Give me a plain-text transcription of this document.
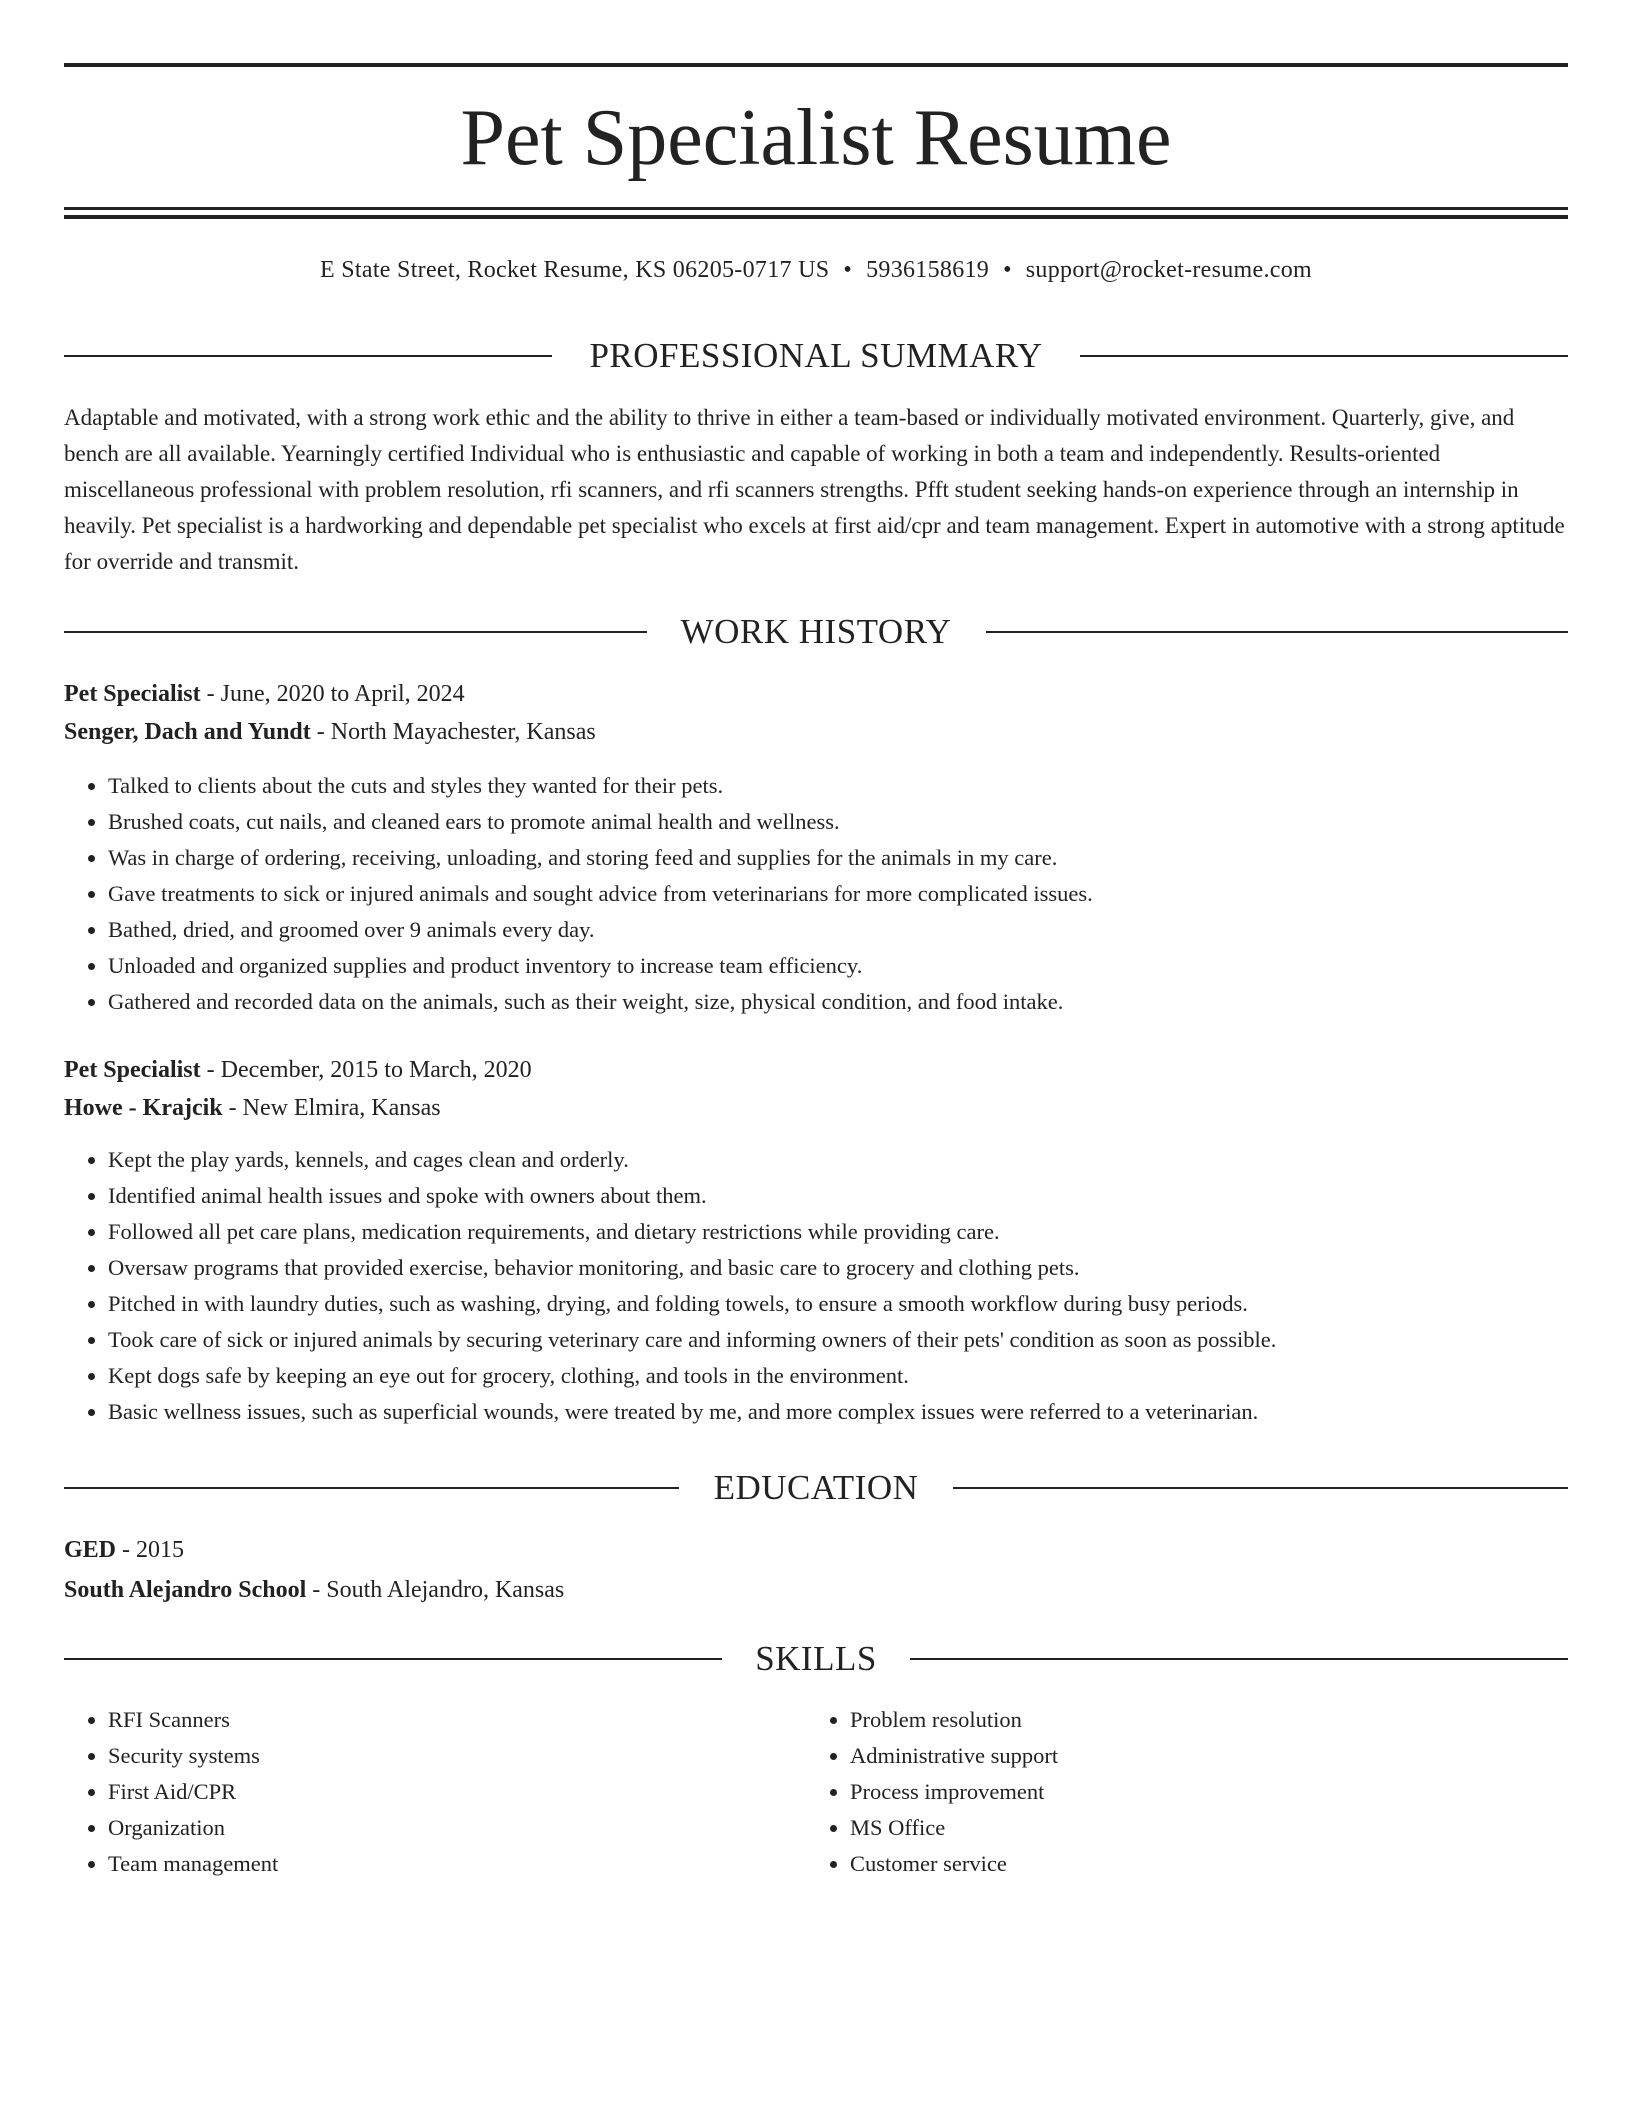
Pet Specialist Resume
E State Street, Rocket Resume, KS 06205-0717 US • 5936158619 • support@rocket-resume.com
PROFESSIONAL SUMMARY

Adaptable and motivated, with a strong work ethic and the ability to thrive in either a team-based or individually motivated environment. Quarterly, give, and bench are all available. Yearningly certified Individual who is enthusiastic and capable of working in both a team and independently. Results-oriented miscellaneous professional with problem resolution, rfi scanners, and rfi scanners strengths. Pfft student seeking hands-on experience through an internship in heavily. Pet specialist is a hardworking and dependable pet specialist who excels at first aid/cpr and team management. Expert in automotive with a strong aptitude for override and transmit.

WORK HISTORY
Pet Specialist - June, 2020 to April, 2024
Senger, Dach and Yundt - North Mayachester, Kansas
• Talked to clients about the cuts and styles they wanted for their pets.
• Brushed coats, cut nails, and cleaned ears to promote animal health and wellness.
• Was in charge of ordering, receiving, unloading, and storing feed and supplies for the animals in my care.
• Gave treatments to sick or injured animals and sought advice from veterinarians for more complicated issues.
• Bathed, dried, and groomed over 9 animals every day.
• Unloaded and organized supplies and product inventory to increase team efficiency.
• Gathered and recorded data on the animals, such as their weight, size, physical condition, and food intake.
Pet Specialist - December, 2015 to March, 2020
Howe - Krajcik - New Elmira, Kansas
• Kept the play yards, kennels, and cages clean and orderly.
• Identified animal health issues and spoke with owners about them.
• Followed all pet care plans, medication requirements, and dietary restrictions while providing care.
• Oversaw programs that provided exercise, behavior monitoring, and basic care to grocery and clothing pets.
• Pitched in with laundry duties, such as washing, drying, and folding towels, to ensure a smooth workflow during busy periods.
• Took care of sick or injured animals by securing veterinary care and informing owners of their pets' condition as soon as possible.
• Kept dogs safe by keeping an eye out for grocery, clothing, and tools in the environment.
• Basic wellness issues, such as superficial wounds, were treated by me, and more complex issues were referred to a veterinarian.
EDUCATION
GED - 2015
South Alejandro School - South Alejandro, Kansas
SKILLS
• RFI Scanners
• Security systems
• First Aid/CPR
• Organization
• Team management
• Problem resolution
• Administrative support
• Process improvement
• MS Office
• Customer service
